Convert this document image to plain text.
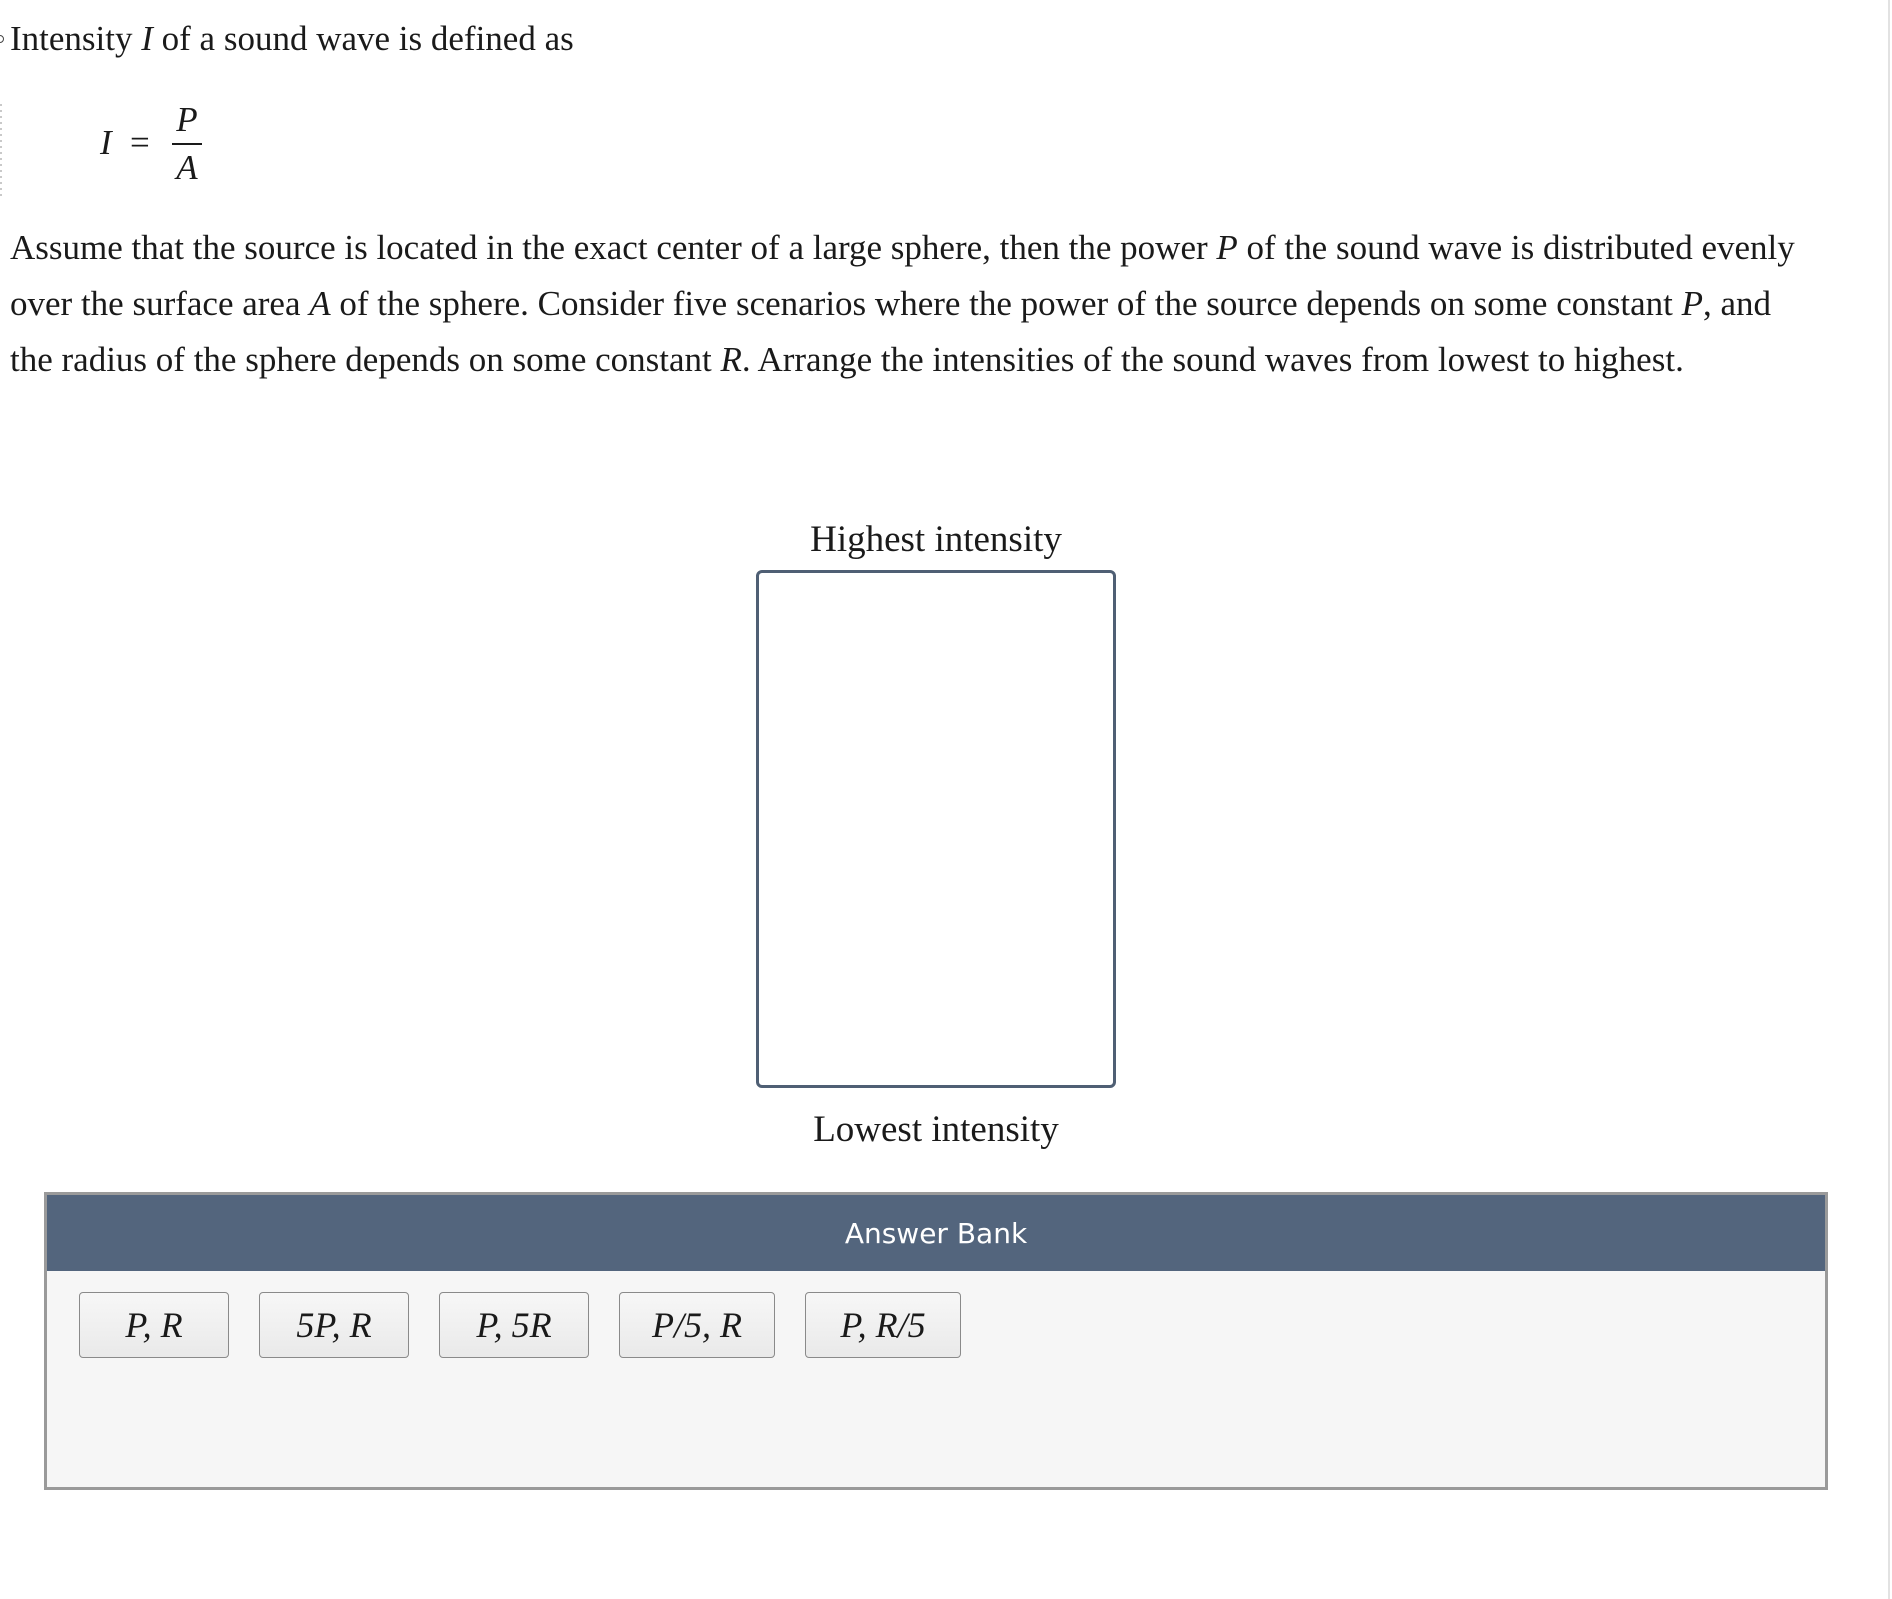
Intensity I of a sound wave is defined as
I =
P
A

Assume that the source is located in the exact center of a large sphere, then the power P of the sound wave is distributed evenly

over the surface area A of the sphere. Consider five scenarios where the power of the source depends on some constant P, and

the radius of the sphere depends on some constant R. Arrange the intensities of the sound waves from lowest to highest.

Highest intensity
Lowest intensity
Answer Bank
P, R	5P, R	P, 5R	P/5, R	P, R/5
